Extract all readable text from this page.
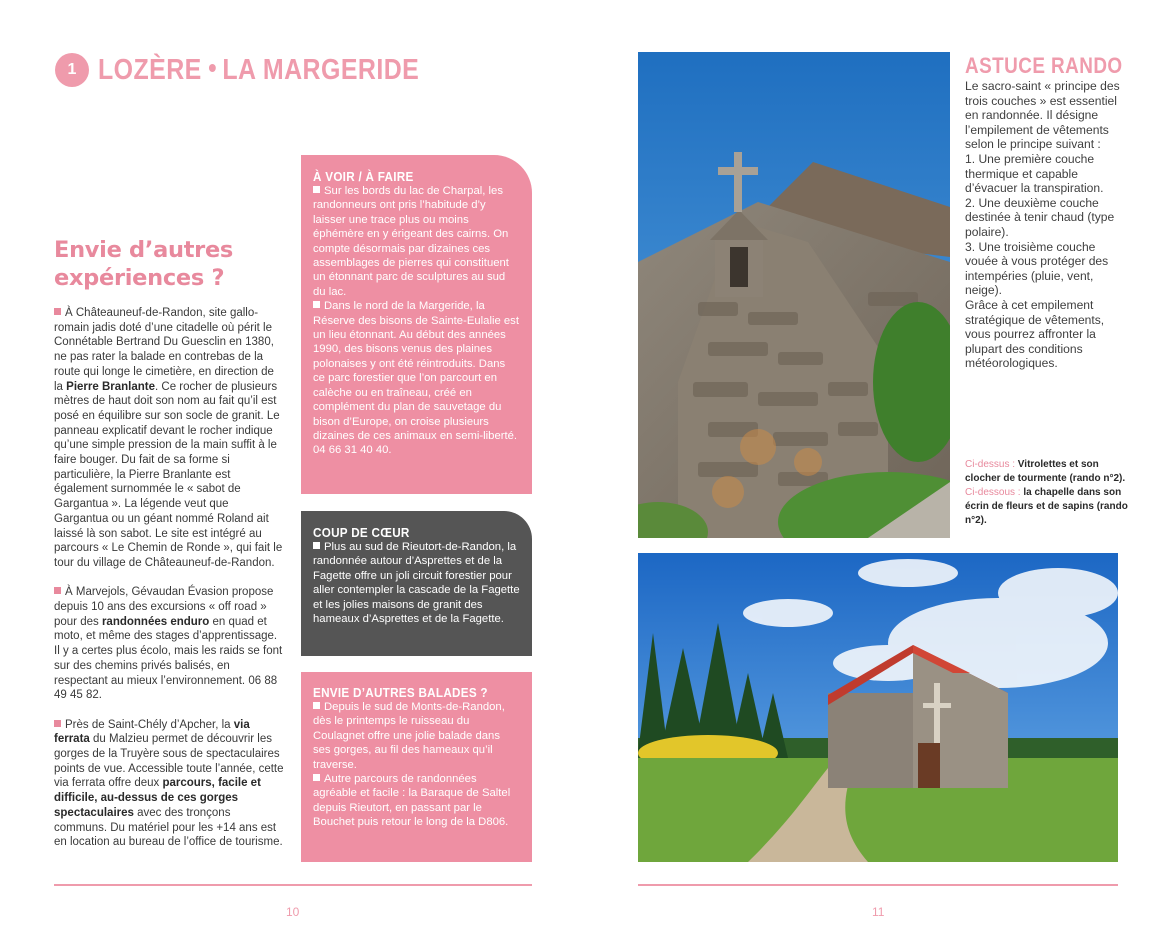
1 LOZÈRE LA MARGERIDE
Envie d’autres
expériences ?

À Châteauneuf-de-Randon, site gallo-romain jadis doté d’une citadelle où périt le Connétable Bertrand Du Guesclin en 1380, ne pas rater la balade en contrebas de la route qui longe le cimetière, en direction de la Pierre Branlante. Ce rocher de plusieurs mètres de haut doit son nom au fait qu’il est posé en équilibre sur son socle de granit. Le panneau explicatif devant le rocher indique qu’une simple pression de la main suffit à le faire bouger. Du fait de sa forme si particulière, la Pierre Branlante est également surnommée le « sabot de Gargantua ». La légende veut que Gargantua ou un géant nommé Roland ait laissé là son sabot. Le site est intégré au parcours « Le Chemin de Ronde », qui fait le tour du village de Châteauneuf-de-Randon.

À Marvejols, Gévaudan Évasion propose depuis 10 ans des excursions « off road » pour des randonnées enduro en quad et moto, et même des stages d’apprentissage. Il y a certes plus écolo, mais les raids se font sur des chemins privés balisés, en respectant au mieux l’environnement. 06 88 49 45 82.

Près de Saint-Chély d’Apcher, la via ferrata du Malzieu permet de découvrir les gorges de la Truyère sous de spectaculaires points de vue. Accessible toute l’année, cette via ferrata offre deux parcours, facile et difficile, au-dessus de ces gorges spectaculaires avec des tronçons communs. Du matériel pour les +14 ans est en location au bureau de l’office de tourisme.

À VOIR / À FAIRE
Sur les bords du lac de Charpal, les randonneurs ont pris l’habitude d’y laisser une trace plus ou moins éphémère en y érigeant des cairns. On compte désormais par dizaines ces assemblages de pierres qui constituent un étonnant parc de sculptures au sud du lac.
Dans le nord de la Margeride, la Réserve des bisons de Sainte-Eulalie est un lieu étonnant. Au début des années 1990, des bisons venus des plaines polonaises y ont été réintroduits. Dans ce parc forestier que l’on parcourt en calèche ou en traîneau, créé en complément du plan de sauvetage du bison d’Europe, on croise plusieurs dizaines de ces animaux en semi-liberté. 04 66 31 40 40.
COUP DE CŒUR
Plus au sud de Rieutort-de-Randon, la randonnée autour d’Asprettes et de la Fagette offre un joli circuit forestier pour aller contempler la cascade de la Fagette et les jolies maisons de granit des hameaux d’Asprettes et de la Fagette.
ENVIE D’AUTRES BALADES ?
Depuis le sud de Monts-de-Randon, dès le printemps le ruisseau du Coulagnet offre une jolie balade dans ses gorges, au fil des hameaux qu’il traverse.
Autre parcours de randonnées agréable et facile : la Baraque de Saltel depuis Rieutort, en passant par le Bouchet puis retour le long de la D806.
10
ASTUCE RANDO
Le sacro-saint « principe des trois couches » est essentiel en randonnée. Il désigne l’empilement de vêtements selon le principe suivant :
1. Une première couche thermique et capable d’évacuer la transpiration.
2. Une deuxième couche destinée à tenir chaud (type polaire).
3. Une troisième couche vouée à vous protéger des intempéries (pluie, vent, neige).
Grâce à cet empilement stratégique de vêtements, vous pourrez affronter la plupart des conditions météorologiques.
Ci-dessus : Vitrolettes et son clocher de tourmente (rando n°2).
Ci-dessous : la chapelle dans son écrin de fleurs et de sapins (rando n°2).
11
